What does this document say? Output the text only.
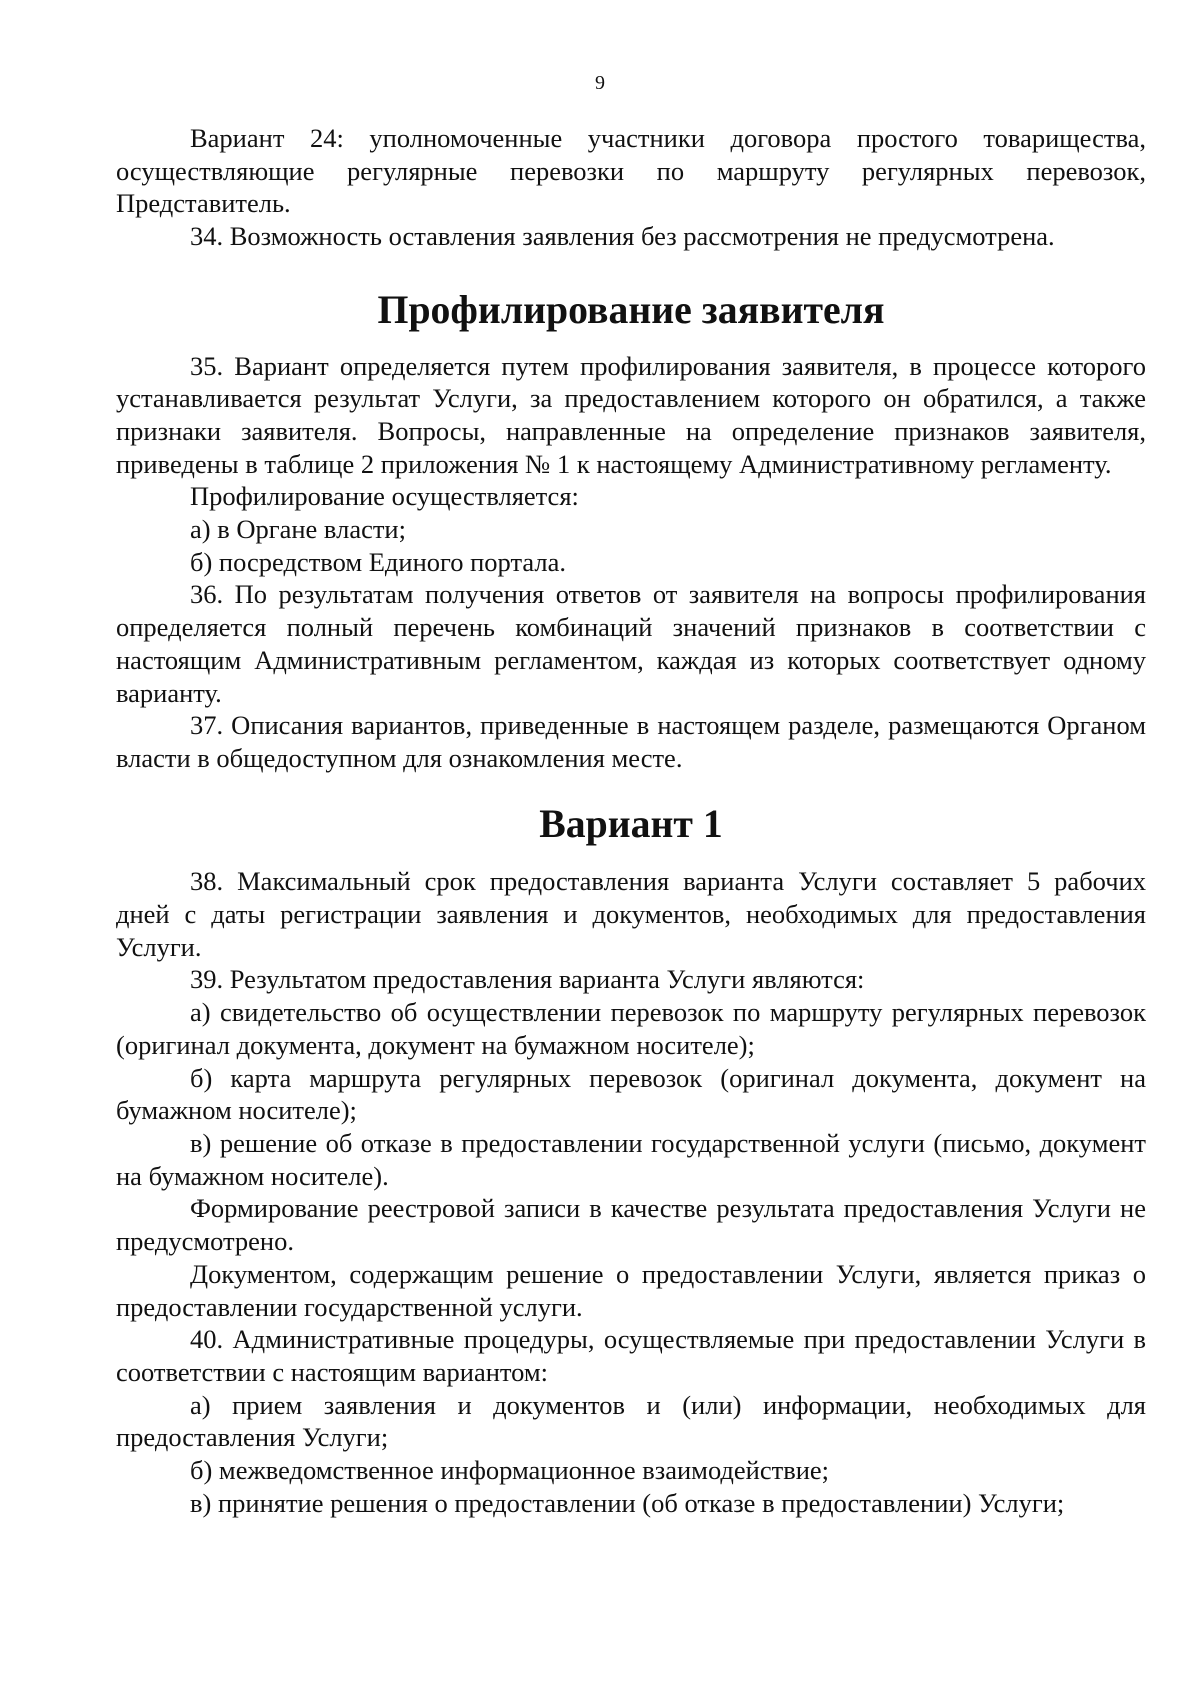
9

Вариант 24: уполномоченные участники договора простого товарищества, осуществляющие регулярные перевозки по маршруту регулярных перевозок, Представитель.

34. Возможность оставления заявления без рассмотрения не предусмотрена.

Профилирование заявителя

35. Вариант определяется путем профилирования заявителя, в процессе которого устанавливается результат Услуги, за предоставлением которого он обратился, а также признаки заявителя. Вопросы, направленные на определение признаков заявителя, приведены в таблице 2 приложения № 1 к настоящему Административному регламенту.

Профилирование осуществляется:

а) в Органе власти;

б) посредством Единого портала.

36. По результатам получения ответов от заявителя на вопросы профилирования определяется полный перечень комбинаций значений признаков в соответствии с настоящим Административным регламентом, каждая из которых соответствует одному варианту.

37. Описания вариантов, приведенные в настоящем разделе, размещаются Органом власти в общедоступном для ознакомления месте.

Вариант 1

38. Максимальный срок предоставления варианта Услуги составляет 5 рабочих дней с даты регистрации заявления и документов, необходимых для предоставления Услуги.

39. Результатом предоставления варианта Услуги являются:

а) свидетельство об осуществлении перевозок по маршруту регулярных перевозок (оригинал документа, документ на бумажном носителе);

б) карта маршрута регулярных перевозок (оригинал документа, документ на бумажном носителе);

в) решение об отказе в предоставлении государственной услуги (письмо, документ на бумажном носителе).

Формирование реестровой записи в качестве результата предоставления Услуги не предусмотрено.

Документом, содержащим решение о предоставлении Услуги, является приказ о предоставлении государственной услуги.

40. Административные процедуры, осуществляемые при предоставлении Услуги в соответствии с настоящим вариантом:

а) прием заявления и документов и (или) информации, необходимых для предоставления Услуги;

б) межведомственное информационное взаимодействие;

в) принятие решения о предоставлении (об отказе в предоставлении) Услуги;
